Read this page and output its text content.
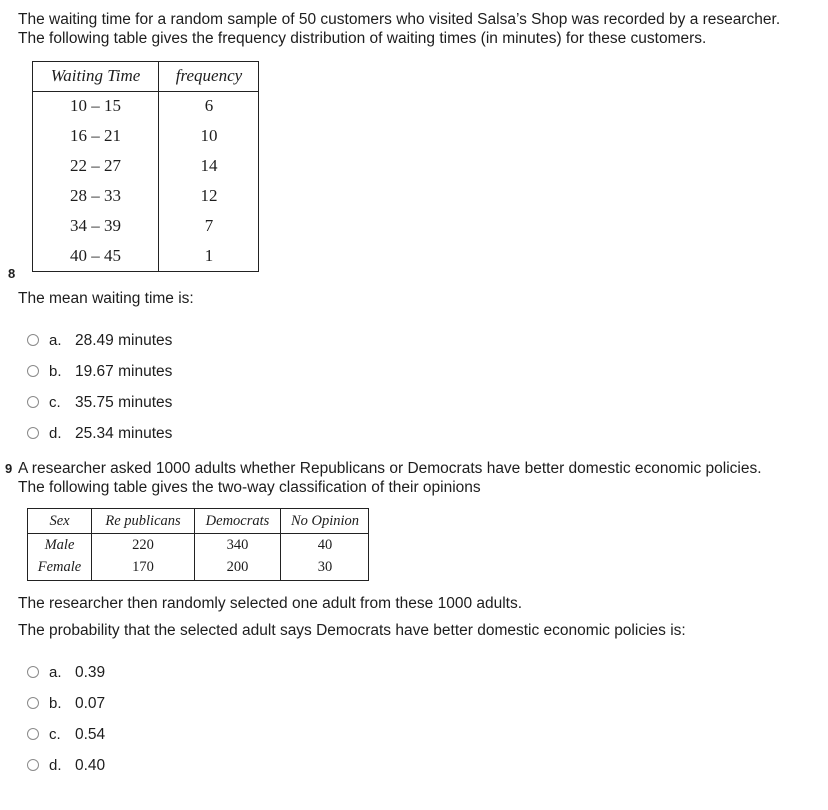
The waiting time for a random sample of 50 customers who visited Salsa’s Shop was recorded by a researcher.
The following table gives the frequency distribution of waiting times (in minutes) for these customers.
Waiting Time	frequency
10 – 15	6
16 – 21	10
22 – 27	14
28 – 33	12
34 – 39	7
40 – 45	1
8
The mean waiting time is:
a. 28.49 minutes
b. 19.67 minutes
c. 35.75 minutes
d. 25.34 minutes
9 A researcher asked 1000 adults whether Republicans or Democrats have better domestic economic policies.
The following table gives the two-way classification of their opinions
Sex	Re publicans	Democrats	No Opinion
Male	220	340	40
Female	170	200	30
The researcher then randomly selected one adult from these 1000 adults.
The probability that the selected adult says Democrats have better domestic economic policies is:
a. 0.39
b. 0.07
c. 0.54
d. 0.40
